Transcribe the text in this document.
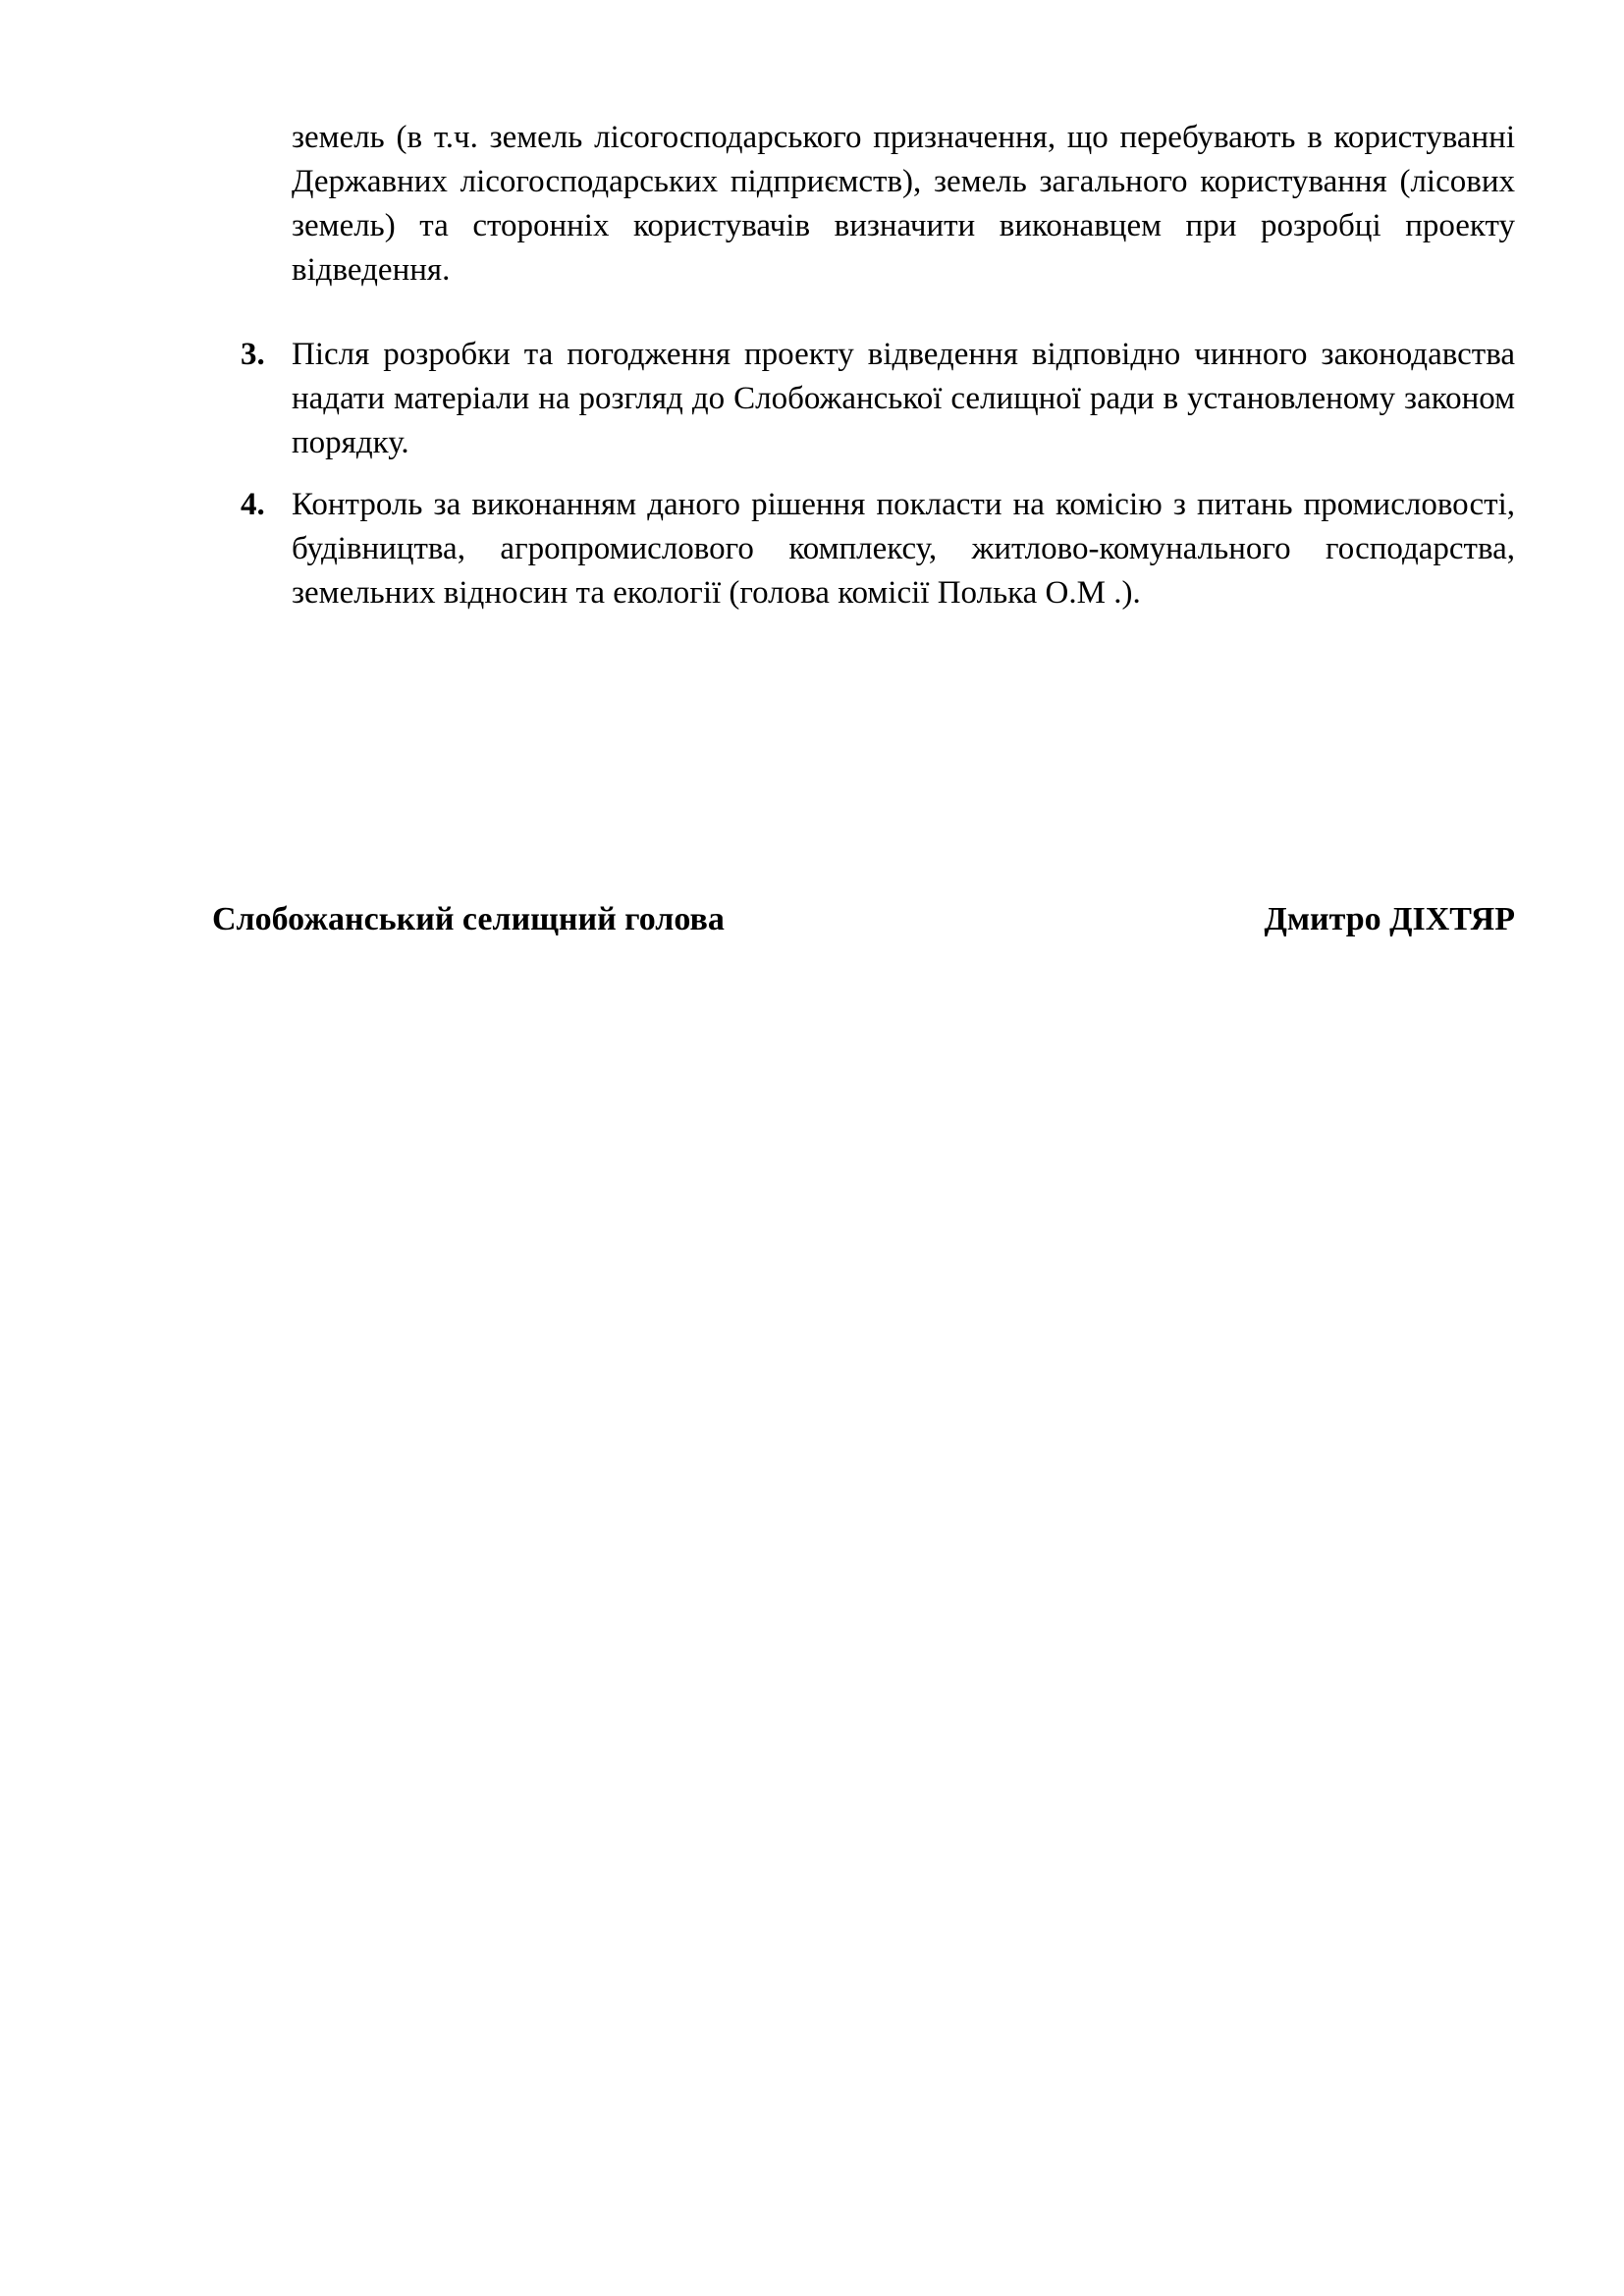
земель (в т.ч. земель лісогосподарського призначення, що перебувають в користуванні Державних лісогосподарських підприємств), земель загального користування (лісових земель) та сторонніх користувачів визначити виконавцем при розробці проекту відведення.
3. Після розробки та погодження проекту відведення відповідно чинного законодавства надати матеріали на розгляд до Слобожанської селищної ради в установленому законом порядку.
4. Контроль за виконанням даного рішення покласти на комісію з питань промисловості, будівництва, агропромислового комплексу, житлово-комунального господарства, земельних відносин та екології (голова комісії Полька О.М .).
Слобожанський селищний голова	Дмитро ДІХТЯР
